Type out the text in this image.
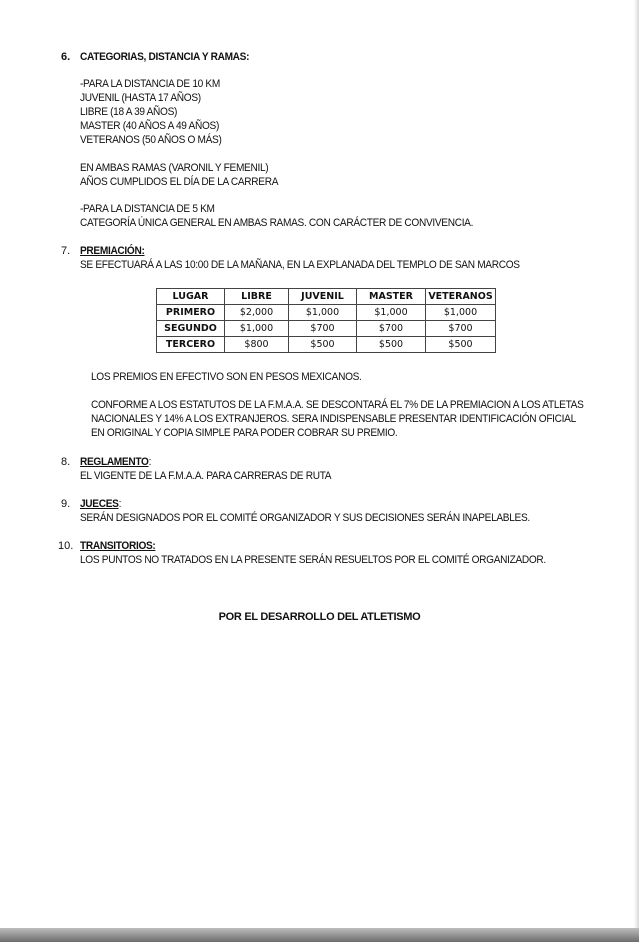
6. CATEGORIAS, DISTANCIA Y RAMAS:
-PARA LA DISTANCIA DE 10 KM
JUVENIL (HASTA 17 AÑOS)
LIBRE (18 A 39 AÑOS)
MASTER (40 AÑOS A 49 AÑOS)
VETERANOS (50 AÑOS O MÁS)
EN AMBAS RAMAS (VARONIL Y FEMENIL)
AÑOS CUMPLIDOS EL DÍA DE LA CARRERA
-PARA LA DISTANCIA DE 5 KM
CATEGORÍA ÚNICA GENERAL EN AMBAS RAMAS. CON CARÁCTER DE CONVIVENCIA.
7. PREMIACIÓN:
SE EFECTUARÁ A LAS 10:00 DE LA MAÑANA, EN LA EXPLANADA DEL TEMPLO DE SAN MARCOS
LUGAR	LIBRE	JUVENIL	MASTER	VETERANOS
PRIMERO	$2,000	$1,000	$1,000	$1,000
SEGUNDO	$1,000	$700	$700	$700
TERCERO	$800	$500	$500	$500
LOS PREMIOS EN EFECTIVO SON EN PESOS MEXICANOS.
CONFORME A LOS ESTATUTOS DE LA F.M.A.A. SE DESCONTARÁ EL 7% DE LA PREMIACION A LOS ATLETAS
NACIONALES Y 14% A LOS EXTRANJEROS. SERA INDISPENSABLE PRESENTAR IDENTIFICACIÓN OFICIAL
EN ORIGINAL Y COPIA SIMPLE PARA PODER COBRAR SU PREMIO.
8. REGLAMENTO:
EL VIGENTE DE LA F.M.A.A. PARA CARRERAS DE RUTA
9. JUECES:
SERÁN DESIGNADOS POR EL COMITÉ ORGANIZADOR Y SUS DECISIONES SERÁN INAPELABLES.
10. TRANSITORIOS:
LOS PUNTOS NO TRATADOS EN LA PRESENTE SERÁN RESUELTOS POR EL COMITÉ ORGANIZADOR.
POR EL DESARROLLO DEL ATLETISMO
